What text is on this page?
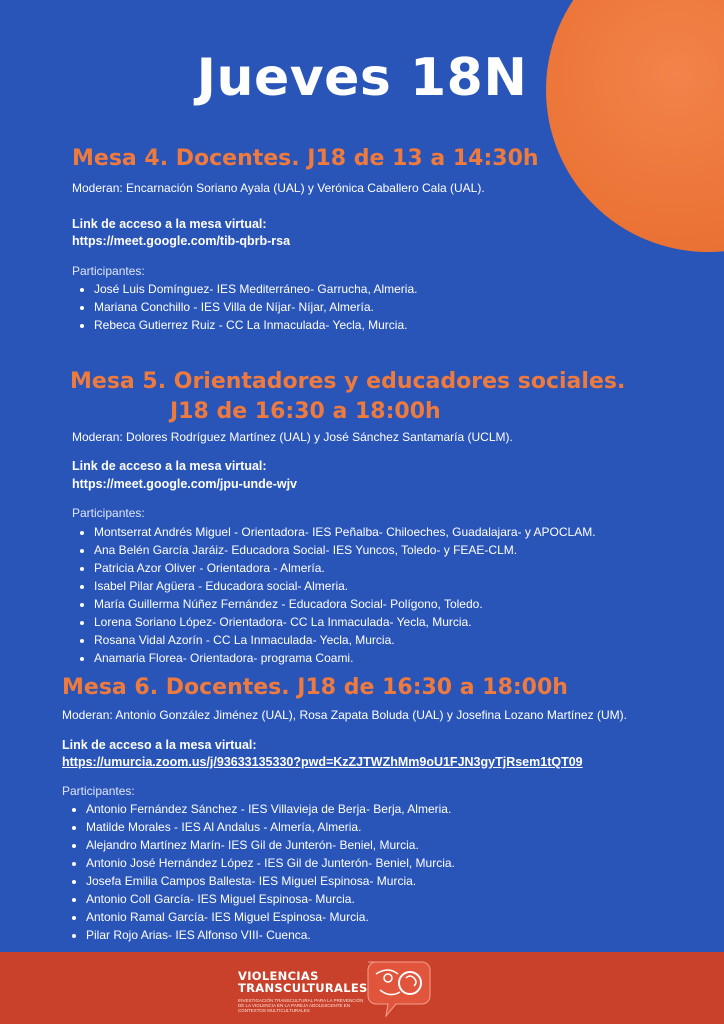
Jueves 18N
Mesa 4. Docentes. J18 de 13 a 14:30h
Moderan: Encarnación Soriano Ayala (UAL) y Verónica Caballero Cala (UAL).
Link de acceso a la mesa virtual:
https://meet.google.com/tib-qbrb-rsa
Participantes:
• José Luis Domínguez- IES Mediterráneo- Garrucha, Almeria.
• Mariana Conchillo - IES Villa de Níjar- Níjar, Almería.
• Rebeca Gutierrez Ruiz - CC La Inmaculada- Yecla, Murcia.
Mesa 5. Orientadores y educadores sociales.
J18 de 16:30 a 18:00h
Moderan: Dolores Rodríguez Martínez (UAL) y José Sánchez Santamaría (UCLM).
Link de acceso a la mesa virtual:
https://meet.google.com/jpu-unde-wjv
Participantes:
• Montserrat Andrés Miguel - Orientadora- IES Peñalba- Chiloeches, Guadalajara- y APOCLAM.
• Ana Belén García Jaráiz- Educadora Social- IES Yuncos, Toledo- y FEAE-CLM.
• Patricia Azor Oliver - Orientadora - Almería.
• Isabel Pilar Agüera - Educadora social- Almeria.
• María Guillerma Núñez Fernández - Educadora Social- Polígono, Toledo.
• Lorena Soriano López- Orientadora- CC La Inmaculada- Yecla, Murcia.
• Rosana Vidal Azorín - CC La Inmaculada- Yecla, Murcia.
• Anamaria Florea- Orientadora- programa Coami.
Mesa 6. Docentes. J18 de 16:30 a 18:00h
Moderan: Antonio González Jiménez (UAL), Rosa Zapata Boluda (UAL) y Josefina Lozano Martínez (UM).
Link de acceso a la mesa virtual:
https://umurcia.zoom.us/j/93633135330?pwd=KzZJTWZhMm9oU1FJN3gyTjRsem1tQT09
Participantes:
• Antonio Fernández Sánchez - IES Villavieja de Berja- Berja, Almeria.
• Matilde Morales - IES Al Andalus - Almería, Almeria.
• Alejandro Martínez Marín- IES Gil de Junterón- Beniel, Murcia.
• Antonio José Hernández López - IES Gil de Junterón- Beniel, Murcia.
• Josefa Emilia Campos Ballesta- IES Miguel Espinosa- Murcia.
• Antonio Coll García- IES Miguel Espinosa- Murcia.
• Antonio Ramal García- IES Miguel Espinosa- Murcia.
• Pilar Rojo Arias- IES Alfonso VIII- Cuenca.
VIOLENCIAS
TRANSCULTURALES
INVESTIGACIÓN TRANSCULTURAL PARA LA PREVENCIÓN DE LA VIOLENCIA EN LA PAREJA ADOLESCENTE EN CONTEXTOS MULTICULTURALES
